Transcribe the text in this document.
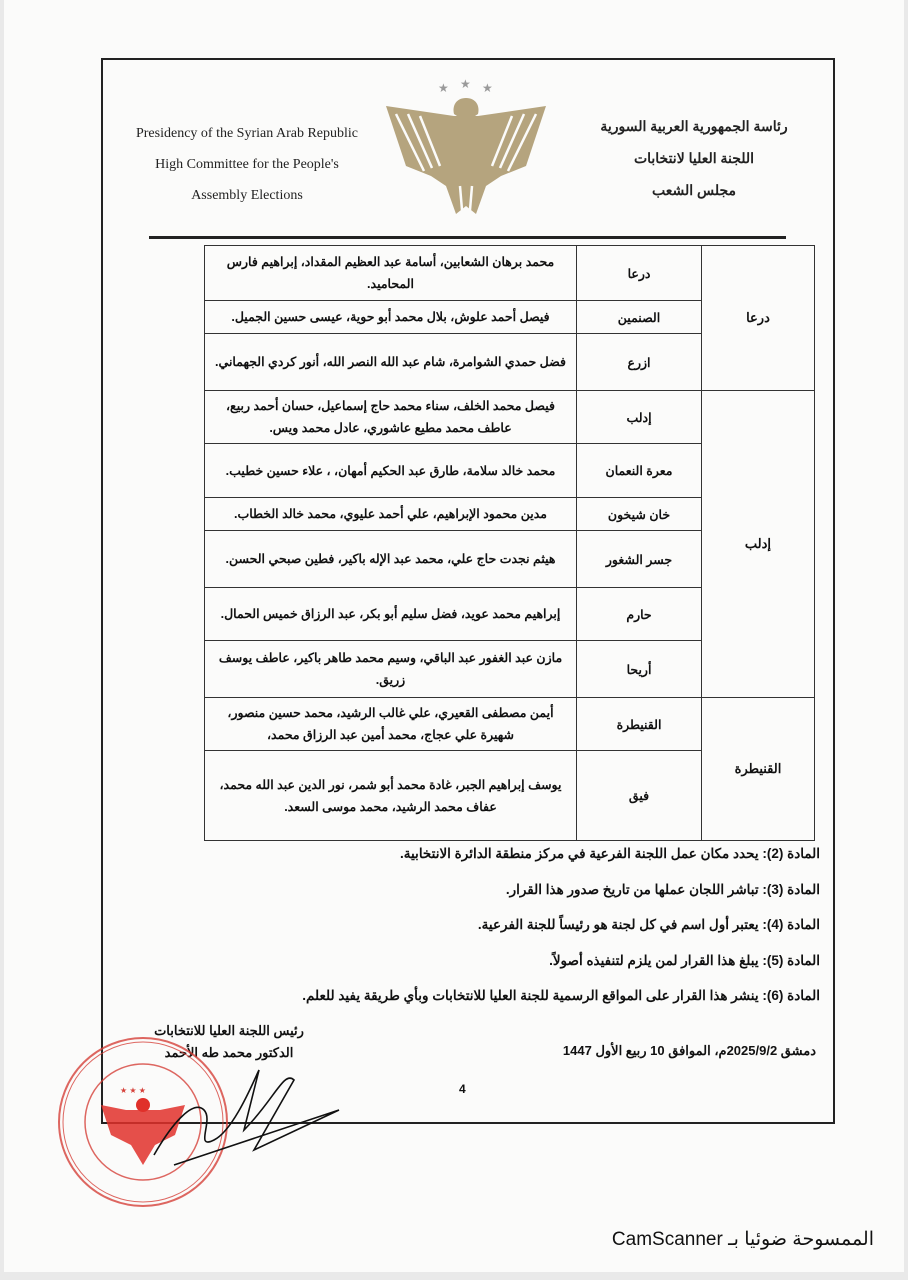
Presidency of the Syrian Arab Republic
High Committee for the People's
Assembly Elections
★ ★ ★
رئاسة الجمهورية العربية السورية
اللجنة العليا لانتخابات
مجلس الشعب
درعا	درعا	محمد برهان الشعابين، أسامة عبد العظيم المقداد، إبراهيم فارس المحاميد.
	الصنمين	فيصل أحمد علوش، بلال محمد أبو حوية، عيسى حسين الجميل.
	ازرع	فضل حمدي الشوامرة، شام عبد الله النصر الله، أنور كردي الجهماني.
إدلب	إدلب	فيصل محمد الخلف، سناء محمد حاج إسماعيل، حسان أحمد ربيع، عاطف محمد مطيع عاشوري، عادل محمد ويس.
	معرة النعمان	محمد خالد سلامة، طارق عبد الحكيم أمهان، ، علاء حسين خطيب.
	خان شيخون	مدين محمود الإبراهيم، علي أحمد عليوي، محمد خالد الخطاب.
	جسر الشغور	هيثم نجدت حاج علي، محمد عبد الإله باكير، فطين صبحي الحسن.
	حارم	إبراهيم محمد عويد، فضل سليم أبو بكر، عبد الرزاق خميس الحمال.
	أريحا	مازن عبد الغفور عبد الباقي، وسيم محمد طاهر باكير، عاطف يوسف زريق.
القنيطرة	القنيطرة	أيمن مصطفى القعيري، علي غالب الرشيد، محمد حسين منصور، شهيرة علي عجاج، محمد أمين عبد الرزاق محمد،
	فيق	يوسف إبراهيم الجبر، غادة محمد أبو شمر، نور الدين عبد الله محمد، عفاف محمد الرشيد، محمد موسى السعد.

المادة (2): يحدد مكان عمل اللجنة الفرعية في مركز منطقة الدائرة الانتخابية.

المادة (3): تباشر اللجان عملها من تاريخ صدور هذا القرار.

المادة (4): يعتبر أول اسم في كل لجنة هو رئيساً للجنة الفرعية.

المادة (5): يبلغ هذا القرار لمن يلزم لتنفيذه أصولاً.

المادة (6): ينشر هذا القرار على المواقع الرسمية للجنة العليا للانتخابات وبأي طريقة يفيد للعلم.

رئيس اللجنة العليا للانتخابات
الدكتور محمد طه الأحمد	دمشق 2025/9/2م، الموافق 10 ربيع الأول 1447
4
★ ★ ★
الممسوحة ضوئيا بـ CamScanner
